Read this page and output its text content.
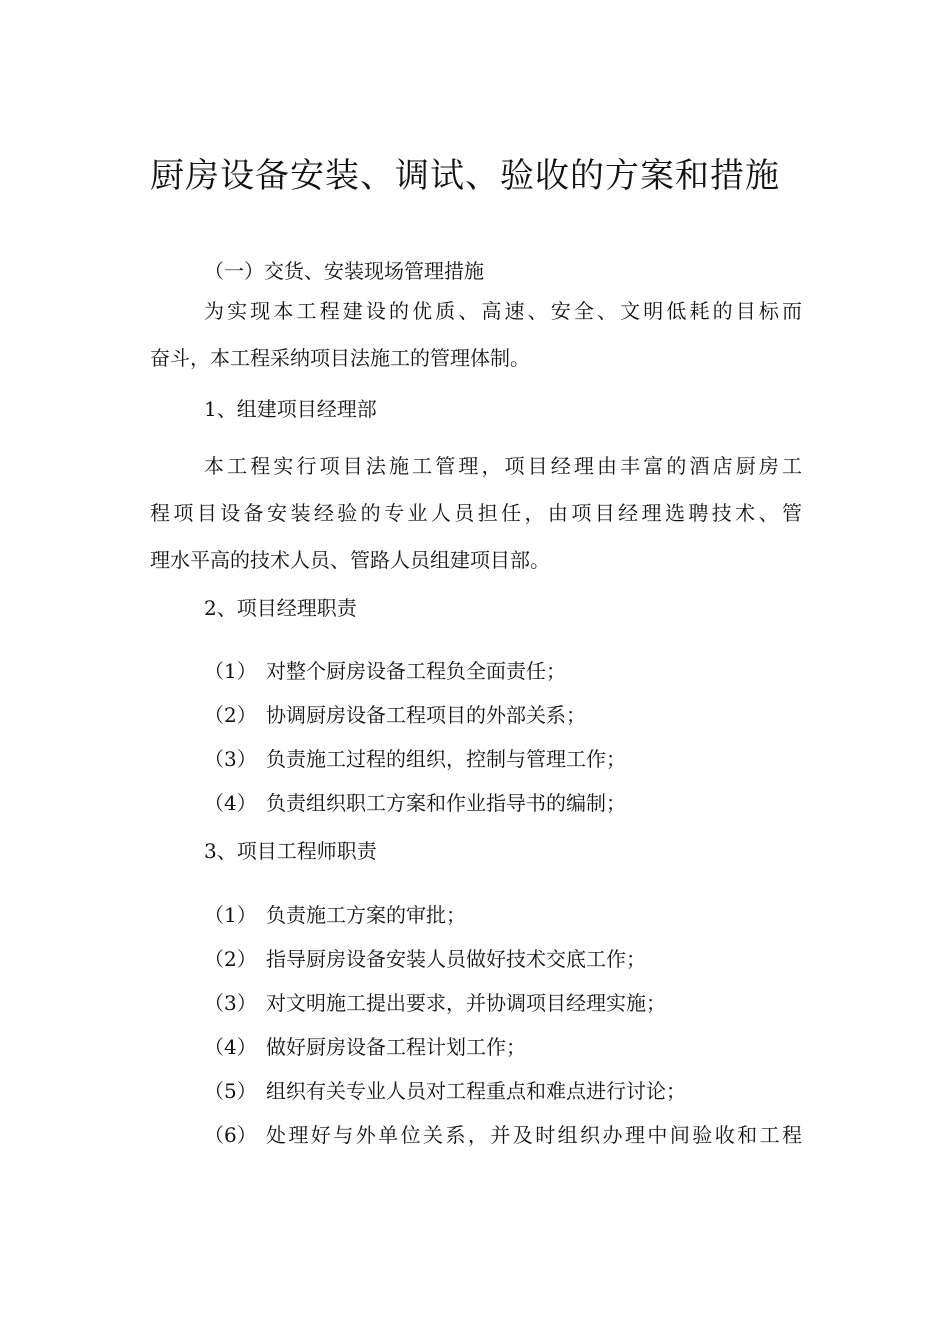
厨房设备安装、调试、验收的方案和措施
（一）交货、安装现场管理措施
为实现本工程建设的优质、高速、安全、文明低耗的目标而
奋斗，本工程采纳项目法施工的管理体制。
1、组建项目经理部
本工程实行项目法施工管理，项目经理由丰富的酒店厨房工
程项目设备安装经验的专业人员担任，由项目经理选聘技术、管
理水平高的技术人员、管路人员组建项目部。
2、项目经理职责
（1） 对整个厨房设备工程负全面责任；
（2） 协调厨房设备工程项目的外部关系；
（3） 负责施工过程的组织，控制与管理工作；
（4） 负责组织职工方案和作业指导书的编制；
3、项目工程师职责
（1） 负责施工方案的审批；
（2） 指导厨房设备安装人员做好技术交底工作；
（3） 对文明施工提出要求，并协调项目经理实施；
（4） 做好厨房设备工程计划工作；
（5） 组织有关专业人员对工程重点和难点进行讨论；
（6） 处理好与外单位关系，并及时组织办理中间验收和工程
